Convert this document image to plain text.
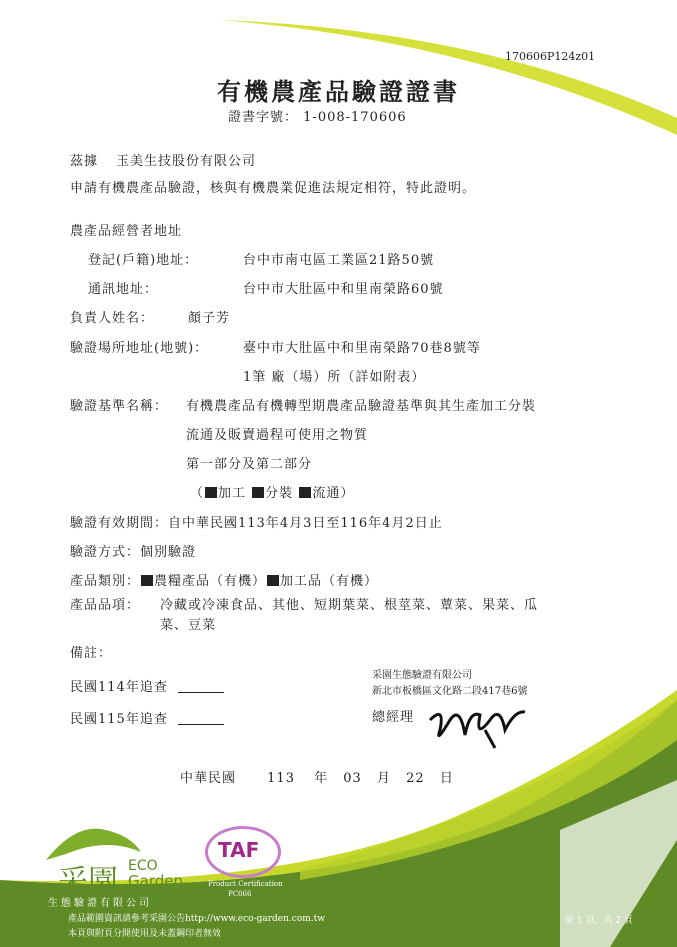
170606P124z01
有機農產品驗證證書
證書字號： 1-008-170606
茲據 玉美生技股份有限公司
申請有機農產品驗證，核與有機農業促進法規定相符，特此證明。
農產品經營者地址
登記(戶籍)地址：	台中市南屯區工業區21路50號
通訊地址：	台中市大肚區中和里南榮路60號
負責人姓名：	顏子芳
驗證場所地址(地號)：	臺中市大肚區中和里南榮路70巷8號等
1筆 廠（場）所（詳如附表）
驗證基準名稱： 有機農產品有機轉型期農產品驗證基準與其生產加工分裝
流通及販賣過程可使用之物質
第一部分及第二部分
（ 加工 分裝 流通）
驗證有效期間：自中華民國113年4月3日至116年4月2日止
驗證方式：個別驗證
產品類別： 農糧產品（有機） 加工品（有機）
產品品項： 冷藏或冷凍食品、其他、短期葉菜、根莖菜、蕈菜、果菜、瓜
菜、豆菜
備註：
民國114年追查
民國115年追查
采園生態驗證有限公司
新北市板橋區文化路二段417巷6號
總經理
中華民國 113 年 03 月 22 日
采園 ECO
Garden
生態驗證有限公司
TAF
Product Certification
PC066
產品範圍資訊請參考采園公告http://www.eco-garden.com.tw
本頁與附頁分開使用及未蓋鋼印者無效
第 1 頁，共 2 頁
